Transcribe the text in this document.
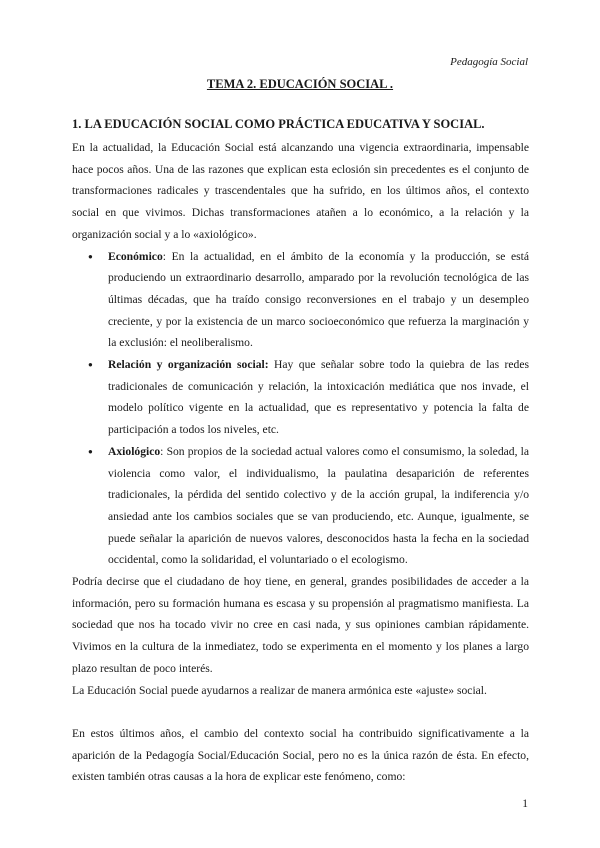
Pedagogía Social
TEMA 2. EDUCACIÓN SOCIAL .
1. LA EDUCACIÓN SOCIAL COMO PRÁCTICA EDUCATIVA Y SOCIAL.

En la actualidad, la Educación Social está alcanzando una vigencia extraordinaria, impensable hace pocos años. Una de las razones que explican esta eclosión sin precedentes es el conjunto de transformaciones radicales y trascendentales que ha sufrido, en los últimos años, el contexto social en que vivimos. Dichas transformaciones atañen a lo económico, a la relación y la organización social y a lo «axiológico».

● Económico: En la actualidad, en el ámbito de la economía y la producción, se está produciendo un extraordinario desarrollo, amparado por la revolución tecnológica de las últimas décadas, que ha traído consigo reconversiones en el trabajo y un desempleo creciente, y por la existencia de un marco socioeconómico que refuerza la marginación y la exclusión: el neoliberalismo.
● Relación y organización social: Hay que señalar sobre todo la quiebra de las redes tradicionales de comunicación y relación, la intoxicación mediática que nos invade, el modelo político vigente en la actualidad, que es representativo y potencia la falta de participación a todos los niveles, etc.
● Axiológico: Son propios de la sociedad actual valores como el consumismo, la soledad, la violencia como valor, el individualismo, la paulatina desaparición de referentes tradicionales, la pérdida del sentido colectivo y de la acción grupal, la indiferencia y/o ansiedad ante los cambios sociales que se van produciendo, etc. Aunque, igualmente, se puede señalar la aparición de nuevos valores, desconocidos hasta la fecha en la sociedad occidental, como la solidaridad, el voluntariado o el ecologismo.

Podría decirse que el ciudadano de hoy tiene, en general, grandes posibilidades de acceder a la información, pero su formación humana es escasa y su propensión al pragmatismo manifiesta. La sociedad que nos ha tocado vivir no cree en casi nada, y sus opiniones cambian rápidamente. Vivimos en la cultura de la inmediatez, todo se experimenta en el momento y los planes a largo plazo resultan de poco interés.

La Educación Social puede ayudarnos a realizar de manera armónica este «ajuste» social.

En estos últimos años, el cambio del contexto social ha contribuido significativamente a la aparición de la Pedagogía Social/Educación Social, pero no es la única razón de ésta. En efecto, existen también otras causas a la hora de explicar este fenómeno, como:

1
